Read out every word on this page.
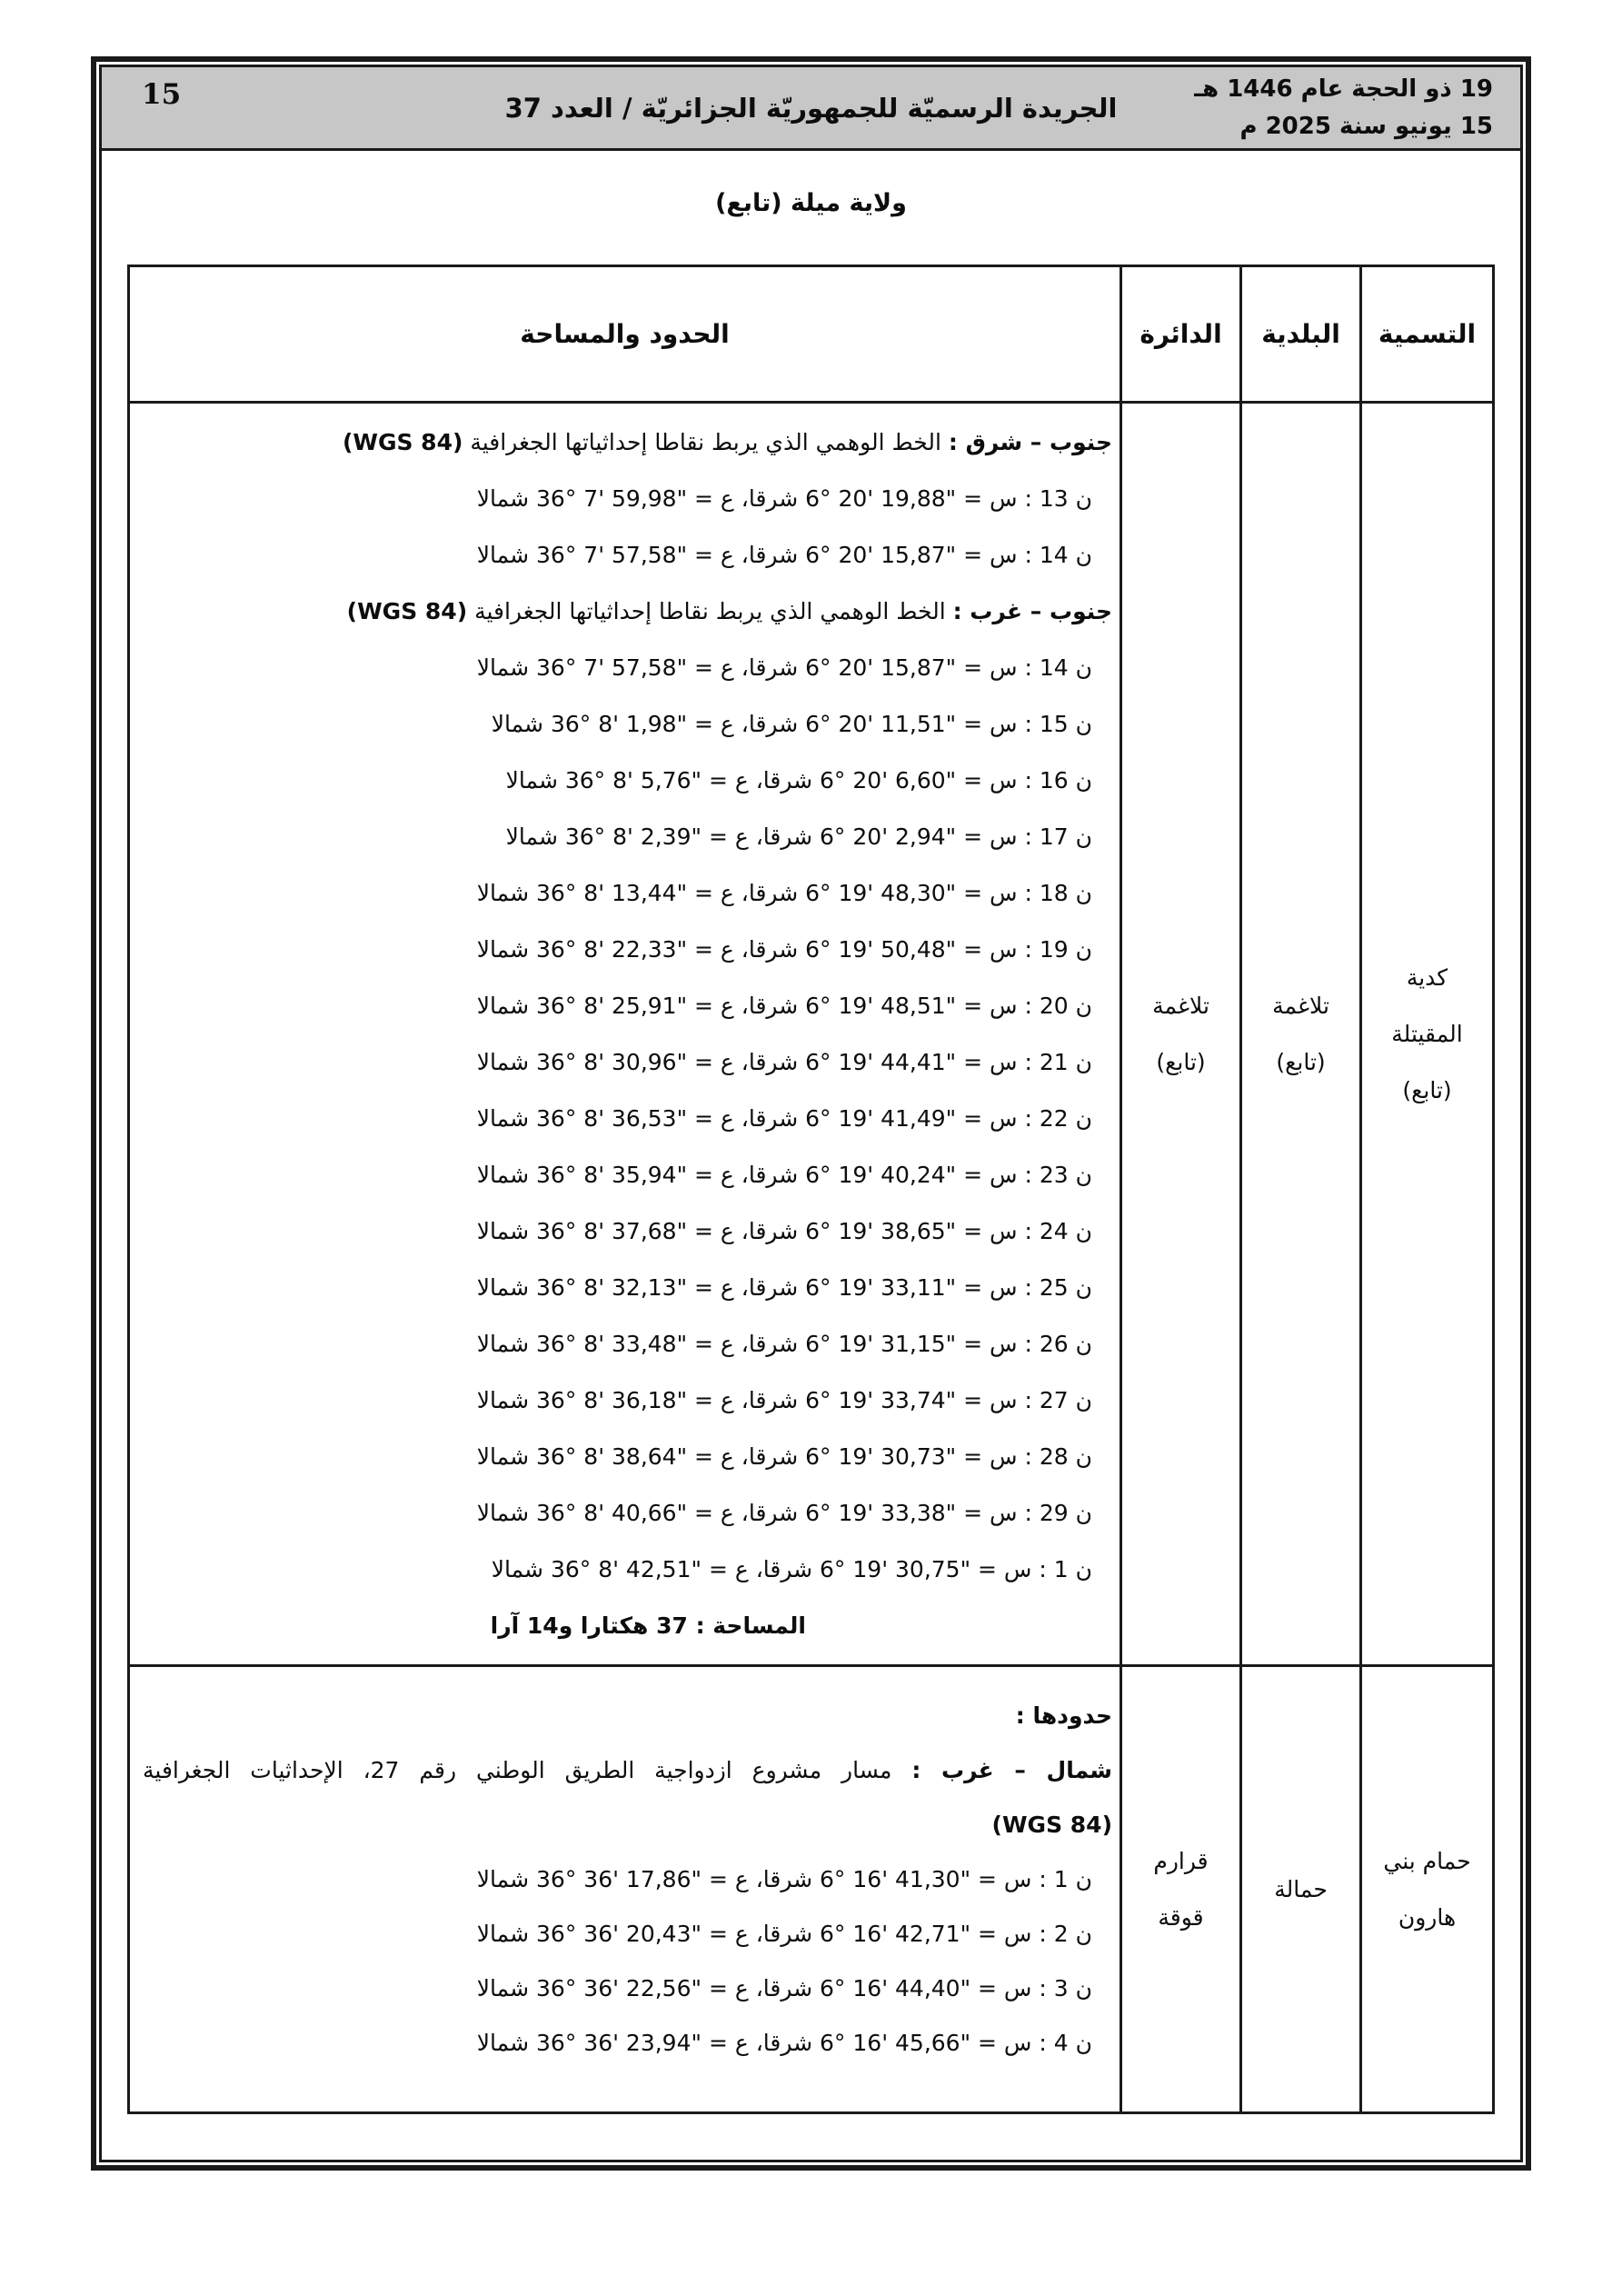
19 ذو الحجة عام 1446 هـ
15 يونيو سنة 2025 م
الجريدة الرسميّة للجمهوريّة الجزائريّة / العدد 37
15
ولاية ميلة (تابع)
التسمية
البلدية
الدائرة
الحدود والمساحة
كدية
المقيتلة
(تابع)
تلاغمة
(تابع)
تلاغمة
(تابع)
جنوب – شرق : الخط الوهمي الذي يربط نقاطا إحداثياتها الجغرافية (WGS 84)
ن 13 : س = 6° 20' 19,88" شرقا، ع = 36° 7' 59,98" شمالا
ن 14 : س = 6° 20' 15,87" شرقا، ع = 36° 7' 57,58" شمالا
جنوب – غرب : الخط الوهمي الذي يربط نقاطا إحداثياتها الجغرافية (WGS 84)
ن 14 : س = 6° 20' 15,87" شرقا، ع = 36° 7' 57,58" شمالا
ن 15 : س = 6° 20' 11,51" شرقا، ع = 36° 8' 1,98" شمالا
ن 16 : س = 6° 20' 6,60" شرقا، ع = 36° 8' 5,76" شمالا
ن 17 : س = 6° 20' 2,94" شرقا، ع = 36° 8' 2,39" شمالا
ن 18 : س = 6° 19' 48,30" شرقا، ع = 36° 8' 13,44" شمالا
ن 19 : س = 6° 19' 50,48" شرقا، ع = 36° 8' 22,33" شمالا
ن 20 : س = 6° 19' 48,51" شرقا، ع = 36° 8' 25,91" شمالا
ن 21 : س = 6° 19' 44,41" شرقا، ع = 36° 8' 30,96" شمالا
ن 22 : س = 6° 19' 41,49" شرقا، ع = 36° 8' 36,53" شمالا
ن 23 : س = 6° 19' 40,24" شرقا، ع = 36° 8' 35,94" شمالا
ن 24 : س = 6° 19' 38,65" شرقا، ع = 36° 8' 37,68" شمالا
ن 25 : س = 6° 19' 33,11" شرقا، ع = 36° 8' 32,13" شمالا
ن 26 : س = 6° 19' 31,15" شرقا، ع = 36° 8' 33,48" شمالا
ن 27 : س = 6° 19' 33,74" شرقا، ع = 36° 8' 36,18" شمالا
ن 28 : س = 6° 19' 30,73" شرقا، ع = 36° 8' 38,64" شمالا
ن 29 : س = 6° 19' 33,38" شرقا، ع = 36° 8' 40,66" شمالا
ن 1 : س = 6° 19' 30,75" شرقا، ع = 36° 8' 42,51" شمالا
المساحة : 37 هكتارا و14 آرا
حمام بني
هارون
حمالة
قرارم
قوقة
حدودها :
شمال – غرب : مسار مشروع ازدواجية الطريق الوطني رقم 27، الإحداثيات الجغرافية
(WGS 84)
ن 1 : س = 6° 16' 41,30" شرقا، ع = 36° 36' 17,86" شمالا
ن 2 : س = 6° 16' 42,71" شرقا، ع = 36° 36' 20,43" شمالا
ن 3 : س = 6° 16' 44,40" شرقا، ع = 36° 36' 22,56" شمالا
ن 4 : س = 6° 16' 45,66" شرقا، ع = 36° 36' 23,94" شمالا
